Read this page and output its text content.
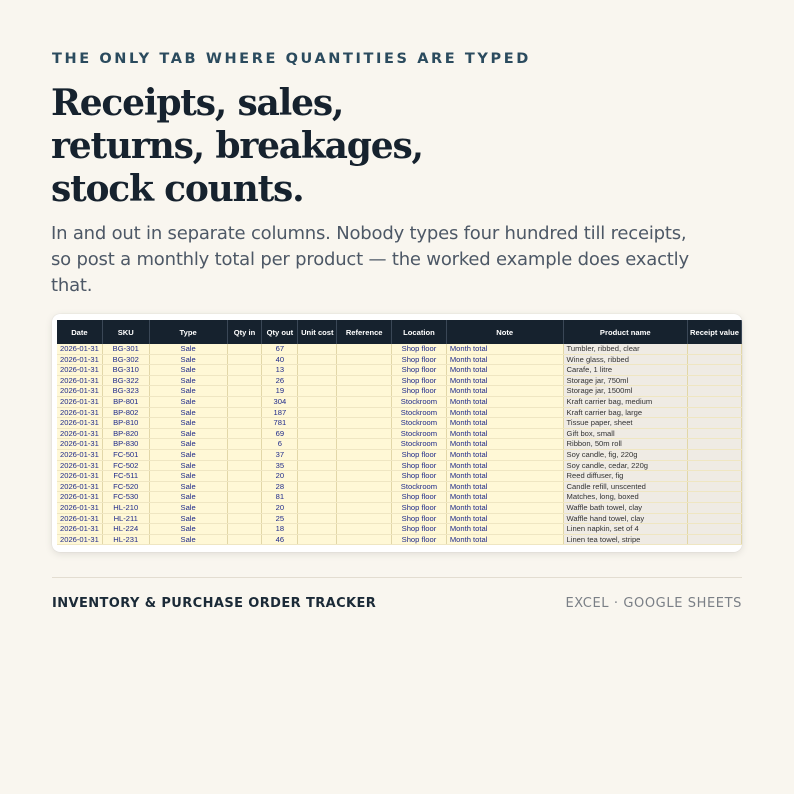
THE ONLY TAB WHERE QUANTITIES ARE TYPED
Receipts, sales,
returns, breakages,
stock counts.

In and out in separate columns. Nobody types four hundred till receipts, so post a monthly total per product — the worked example does exactly that.

Date	SKU	Type	Qty in	Qty out	Unit cost	Reference	Location	Note	Product name	Receipt value
2026-01-31	BG-301	Sale		67			Shop floor	Month total	Tumbler, ribbed, clear	
2026-01-31	BG-302	Sale		40			Shop floor	Month total	Wine glass, ribbed	
2026-01-31	BG-310	Sale		13			Shop floor	Month total	Carafe, 1 litre	
2026-01-31	BG-322	Sale		26			Shop floor	Month total	Storage jar, 750ml	
2026-01-31	BG-323	Sale		19			Shop floor	Month total	Storage jar, 1500ml	
2026-01-31	BP-801	Sale		304			Stockroom	Month total	Kraft carrier bag, medium	
2026-01-31	BP-802	Sale		187			Stockroom	Month total	Kraft carrier bag, large	
2026-01-31	BP-810	Sale		781			Stockroom	Month total	Tissue paper, sheet	
2026-01-31	BP-820	Sale		69			Stockroom	Month total	Gift box, small	
2026-01-31	BP-830	Sale		6			Stockroom	Month total	Ribbon, 50m roll	
2026-01-31	FC-501	Sale		37			Shop floor	Month total	Soy candle, fig, 220g	
2026-01-31	FC-502	Sale		35			Shop floor	Month total	Soy candle, cedar, 220g	
2026-01-31	FC-511	Sale		20			Shop floor	Month total	Reed diffuser, fig	
2026-01-31	FC-520	Sale		28			Stockroom	Month total	Candle refill, unscented	
2026-01-31	FC-530	Sale		81			Shop floor	Month total	Matches, long, boxed	
2026-01-31	HL-210	Sale		20			Shop floor	Month total	Waffle bath towel, clay	
2026-01-31	HL-211	Sale		25			Shop floor	Month total	Waffle hand towel, clay	
2026-01-31	HL-224	Sale		18			Shop floor	Month total	Linen napkin, set of 4	
2026-01-31	HL-231	Sale		46			Shop floor	Month total	Linen tea towel, stripe	
INVENTORY & PURCHASE ORDER TRACKER	EXCEL · GOOGLE SHEETS
